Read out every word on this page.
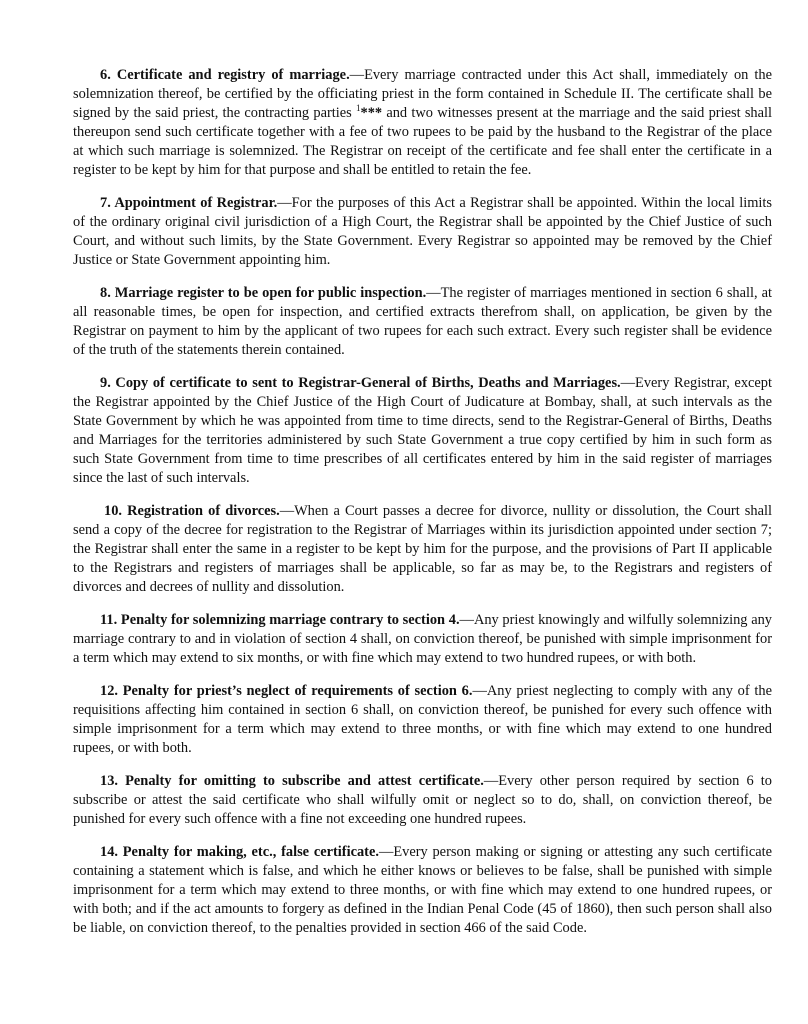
6. Certificate and registry of marriage.—Every marriage contracted under this Act shall, immediately on the solemnization thereof, be certified by the officiating priest in the form contained in Schedule II. The certificate shall be signed by the said priest, the contracting parties $^1$*** and two witnesses present at the marriage and the said priest shall thereupon send such certificate together with a fee of two rupees to be paid by the husband to the Registrar of the place at which such marriage is solemnized. The Registrar on receipt of the certificate and fee shall enter the certificate in a register to be kept by him for that purpose and shall be entitled to retain the fee.

7. Appointment of Registrar.—For the purposes of this Act a Registrar shall be appointed. Within the local limits of the ordinary original civil jurisdiction of a High Court, the Registrar shall be appointed by the Chief Justice of such Court, and without such limits, by the State Government. Every Registrar so appointed may be removed by the Chief Justice or State Government appointing him.

8. Marriage register to be open for public inspection.—The register of marriages mentioned in section 6 shall, at all reasonable times, be open for inspection, and certified extracts therefrom shall, on application, be given by the Registrar on payment to him by the applicant of two rupees for each such extract. Every such register shall be evidence of the truth of the statements therein contained.

9. Copy of certificate to sent to Registrar-General of Births, Deaths and Marriages.—Every Registrar, except the Registrar appointed by the Chief Justice of the High Court of Judicature at Bombay, shall, at such intervals as the State Government by which he was appointed from time to time directs, send to the Registrar-General of Births, Deaths and Marriages for the territories administered by such State Government a true copy certified by him in such form as such State Government from time to time prescribes of all certificates entered by him in the said register of marriages since the last of such intervals.

10. Registration of divorces.—When a Court passes a decree for divorce, nullity or dissolution, the Court shall send a copy of the decree for registration to the Registrar of Marriages within its jurisdiction appointed under section 7; the Registrar shall enter the same in a register to be kept by him for the purpose, and the provisions of Part II applicable to the Registrars and registers of marriages shall be applicable, so far as may be, to the Registrars and registers of divorces and decrees of nullity and dissolution.

11. Penalty for solemnizing marriage contrary to section 4.—Any priest knowingly and wilfully solemnizing any marriage contrary to and in violation of section 4 shall, on conviction thereof, be punished with simple imprisonment for a term which may extend to six months, or with fine which may extend to two hundred rupees, or with both.

12. Penalty for priest’s neglect of requirements of section 6.—Any priest neglecting to comply with any of the requisitions affecting him contained in section 6 shall, on conviction thereof, be punished for every such offence with simple imprisonment for a term which may extend to three months, or with fine which may extend to one hundred rupees, or with both.

13. Penalty for omitting to subscribe and attest certificate.—Every other person required by section 6 to subscribe or attest the said certificate who shall wilfully omit or neglect so to do, shall, on conviction thereof, be punished for every such offence with a fine not exceeding one hundred rupees.

14. Penalty for making, etc., false certificate.—Every person making or signing or attesting any such certificate containing a statement which is false, and which he either knows or believes to be false, shall be punished with simple imprisonment for a term which may extend to three months, or with fine which may extend to one hundred rupees, or with both; and if the act amounts to forgery as defined in the Indian Penal Code (45 of 1860), then such person shall also be liable, on conviction thereof, to the penalties provided in section 466 of the said Code.
